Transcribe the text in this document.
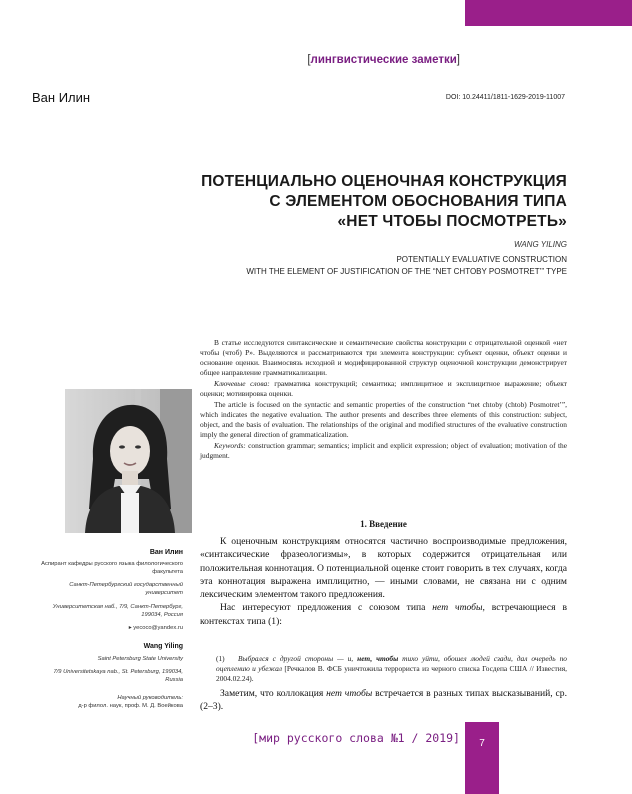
7
[лингвистические заметки]
Ван Илин	DOI: 10.24411/1811-1629-2019-11007
ПОТЕНЦИАЛЬНО ОЦЕНОЧНАЯ КОНСТРУКЦИЯ
С ЭЛЕМЕНТОМ ОБОСНОВАНИЯ ТИПА
«НЕТ ЧТОБЫ ПОСМОТРЕТЬ»
WANG YILING
POTENTIALLY EVALUATIVE CONSTRUCTION
WITH THE ELEMENT OF JUSTIFICATION OF THE “NET CHTOBY POSMOTRET’” TYPE

В статье исследуются синтаксические и семантические свойства конструкции с отрицательной оценкой «нет чтобы (чтоб) P». Выделяются и рассматриваются три элемента конструкции: субъект оценки, объект оценки и основание оценки. Взаимосвязь исходной и модифицированной структур оценочной конструкции демонстрирует общее направление грамматикализации.

Ключевые слова: грамматика конструкций; семантика; имплицитное и эксплицитное выражение; объект оценки; мотивировка оценки.

The article is focused on the syntactic and semantic properties of the construction “net chtoby (chtob) Posmotret’”, which indicates the negative evaluation. The author presents and describes three elements of this construction: subject, object, and the basis of evaluation. The relationships of the original and modified structures of the evaluative construction imply the general direction of grammaticalization.

Keywords: construction grammar; semantics; implicit and explicit expression; object of evaluation; motivation of the judgment.

Ван Илин
Аспирант кафедры русского языка филологического факультета
Санкт-Петербургский государственный университет
Университетская наб., 7/9, Санкт-Петербург, 199034, Россия
▸ yecoco@yandex.ru
Wang Yiling
Saint Petersburg State University
7/9 Universitetskaya nab., St. Petersburg, 199034, Russia
Научный руководитель:
д-р филол. наук, проф. М. Д. Воейкова
1. Введение

К оценочным конструкциям относятся частично воспроизводимые предложения, «синтаксические фразеологизмы», в которых содержится отрицательная или положительная коннотация. О потенциальной оценке стоит говорить в тех случаях, когда эта коннотация выражена имплицитно, — иными словами, не связана ни с одним лексическим элементом такого предложения.

Нас интересуют предложения с союзом типа нет чтобы, встречающиеся в контекстах типа (1):

(1) Выбрался с другой стороны — и, нет, чтобы тихо уйти, обошел людей сзади, дал очередь по оцеплению и убежал [Речкалов В. ФСБ уничтожила террориста из черного списка Госдепа США // Известия, 2004.02.24).

Заметим, что коллокация нет чтобы встречается в разных типах высказываний, ср. (2–3).

[мир русского слова №1 / 2019]
